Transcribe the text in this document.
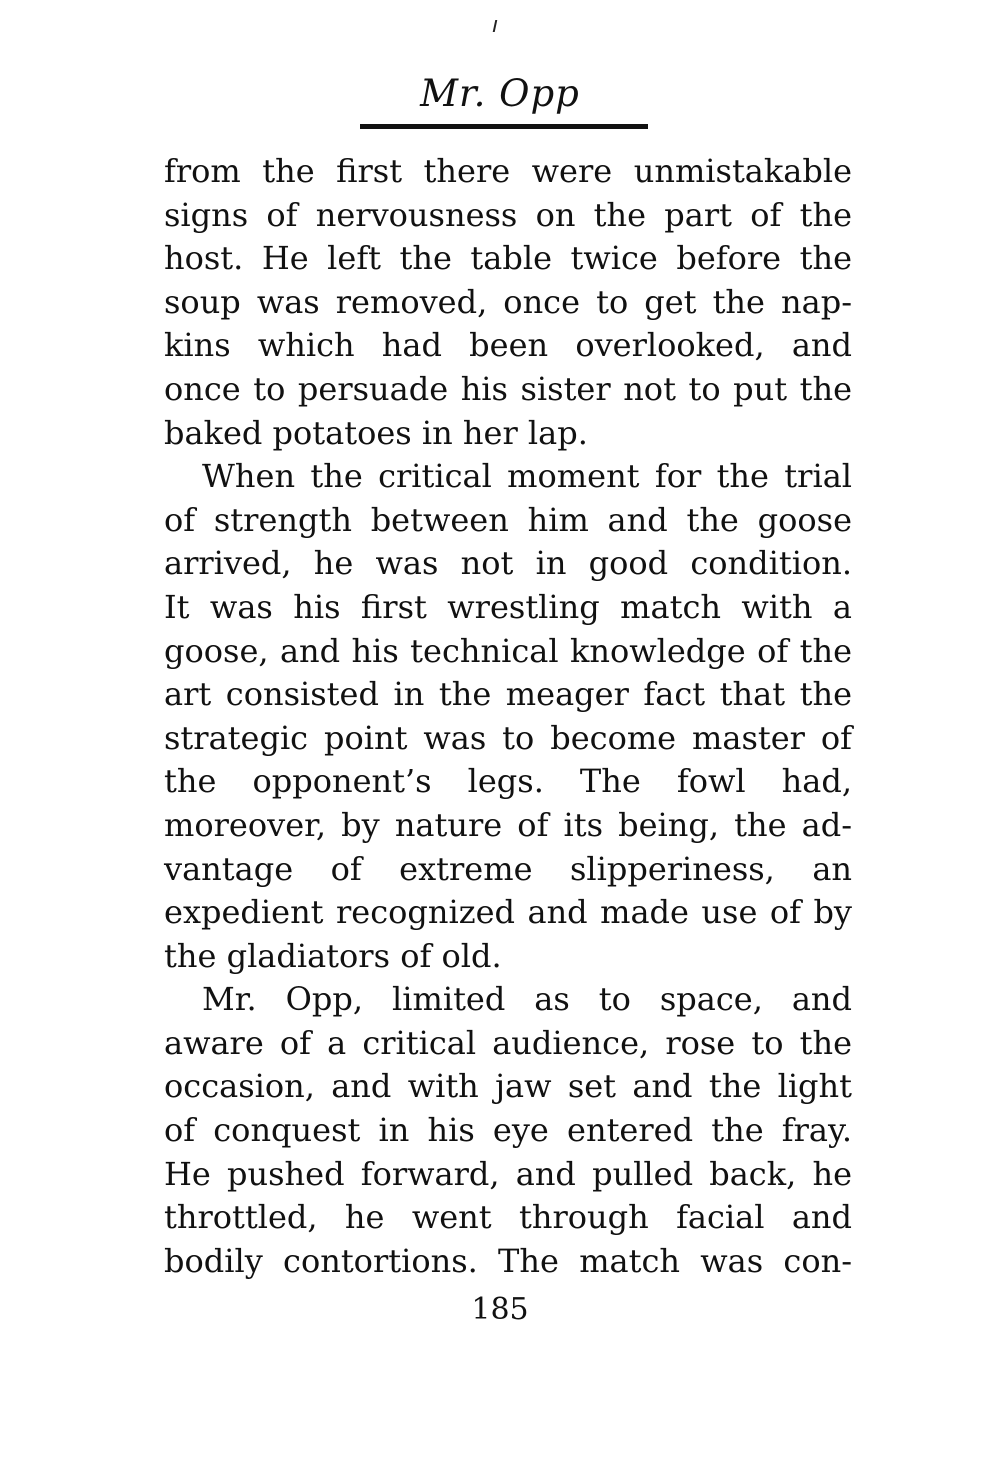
Mr. Opp
from the first there were unmistakable
signs of nervousness on the part of the
host. He left the table twice before the
soup was removed, once to get the nap-
kins which had been overlooked, and
once to persuade his sister not to put the
baked potatoes in her lap.
When the critical moment for the trial
of strength between him and the goose
arrived, he was not in good condition.
It was his first wrestling match with a
goose, and his technical knowledge of the
art consisted in the meager fact that the
strategic point was to become master of
the opponent’s legs. The fowl had,
moreover, by nature of its being, the ad-
vantage of extreme slipperiness, an
expedient recognized and made use of by
the gladiators of old.
Mr. Opp, limited as to space, and
aware of a critical audience, rose to the
occasion, and with jaw set and the light
of conquest in his eye entered the fray.
He pushed forward, and pulled back, he
throttled, he went through facial and
bodily contortions. The match was con-
185
